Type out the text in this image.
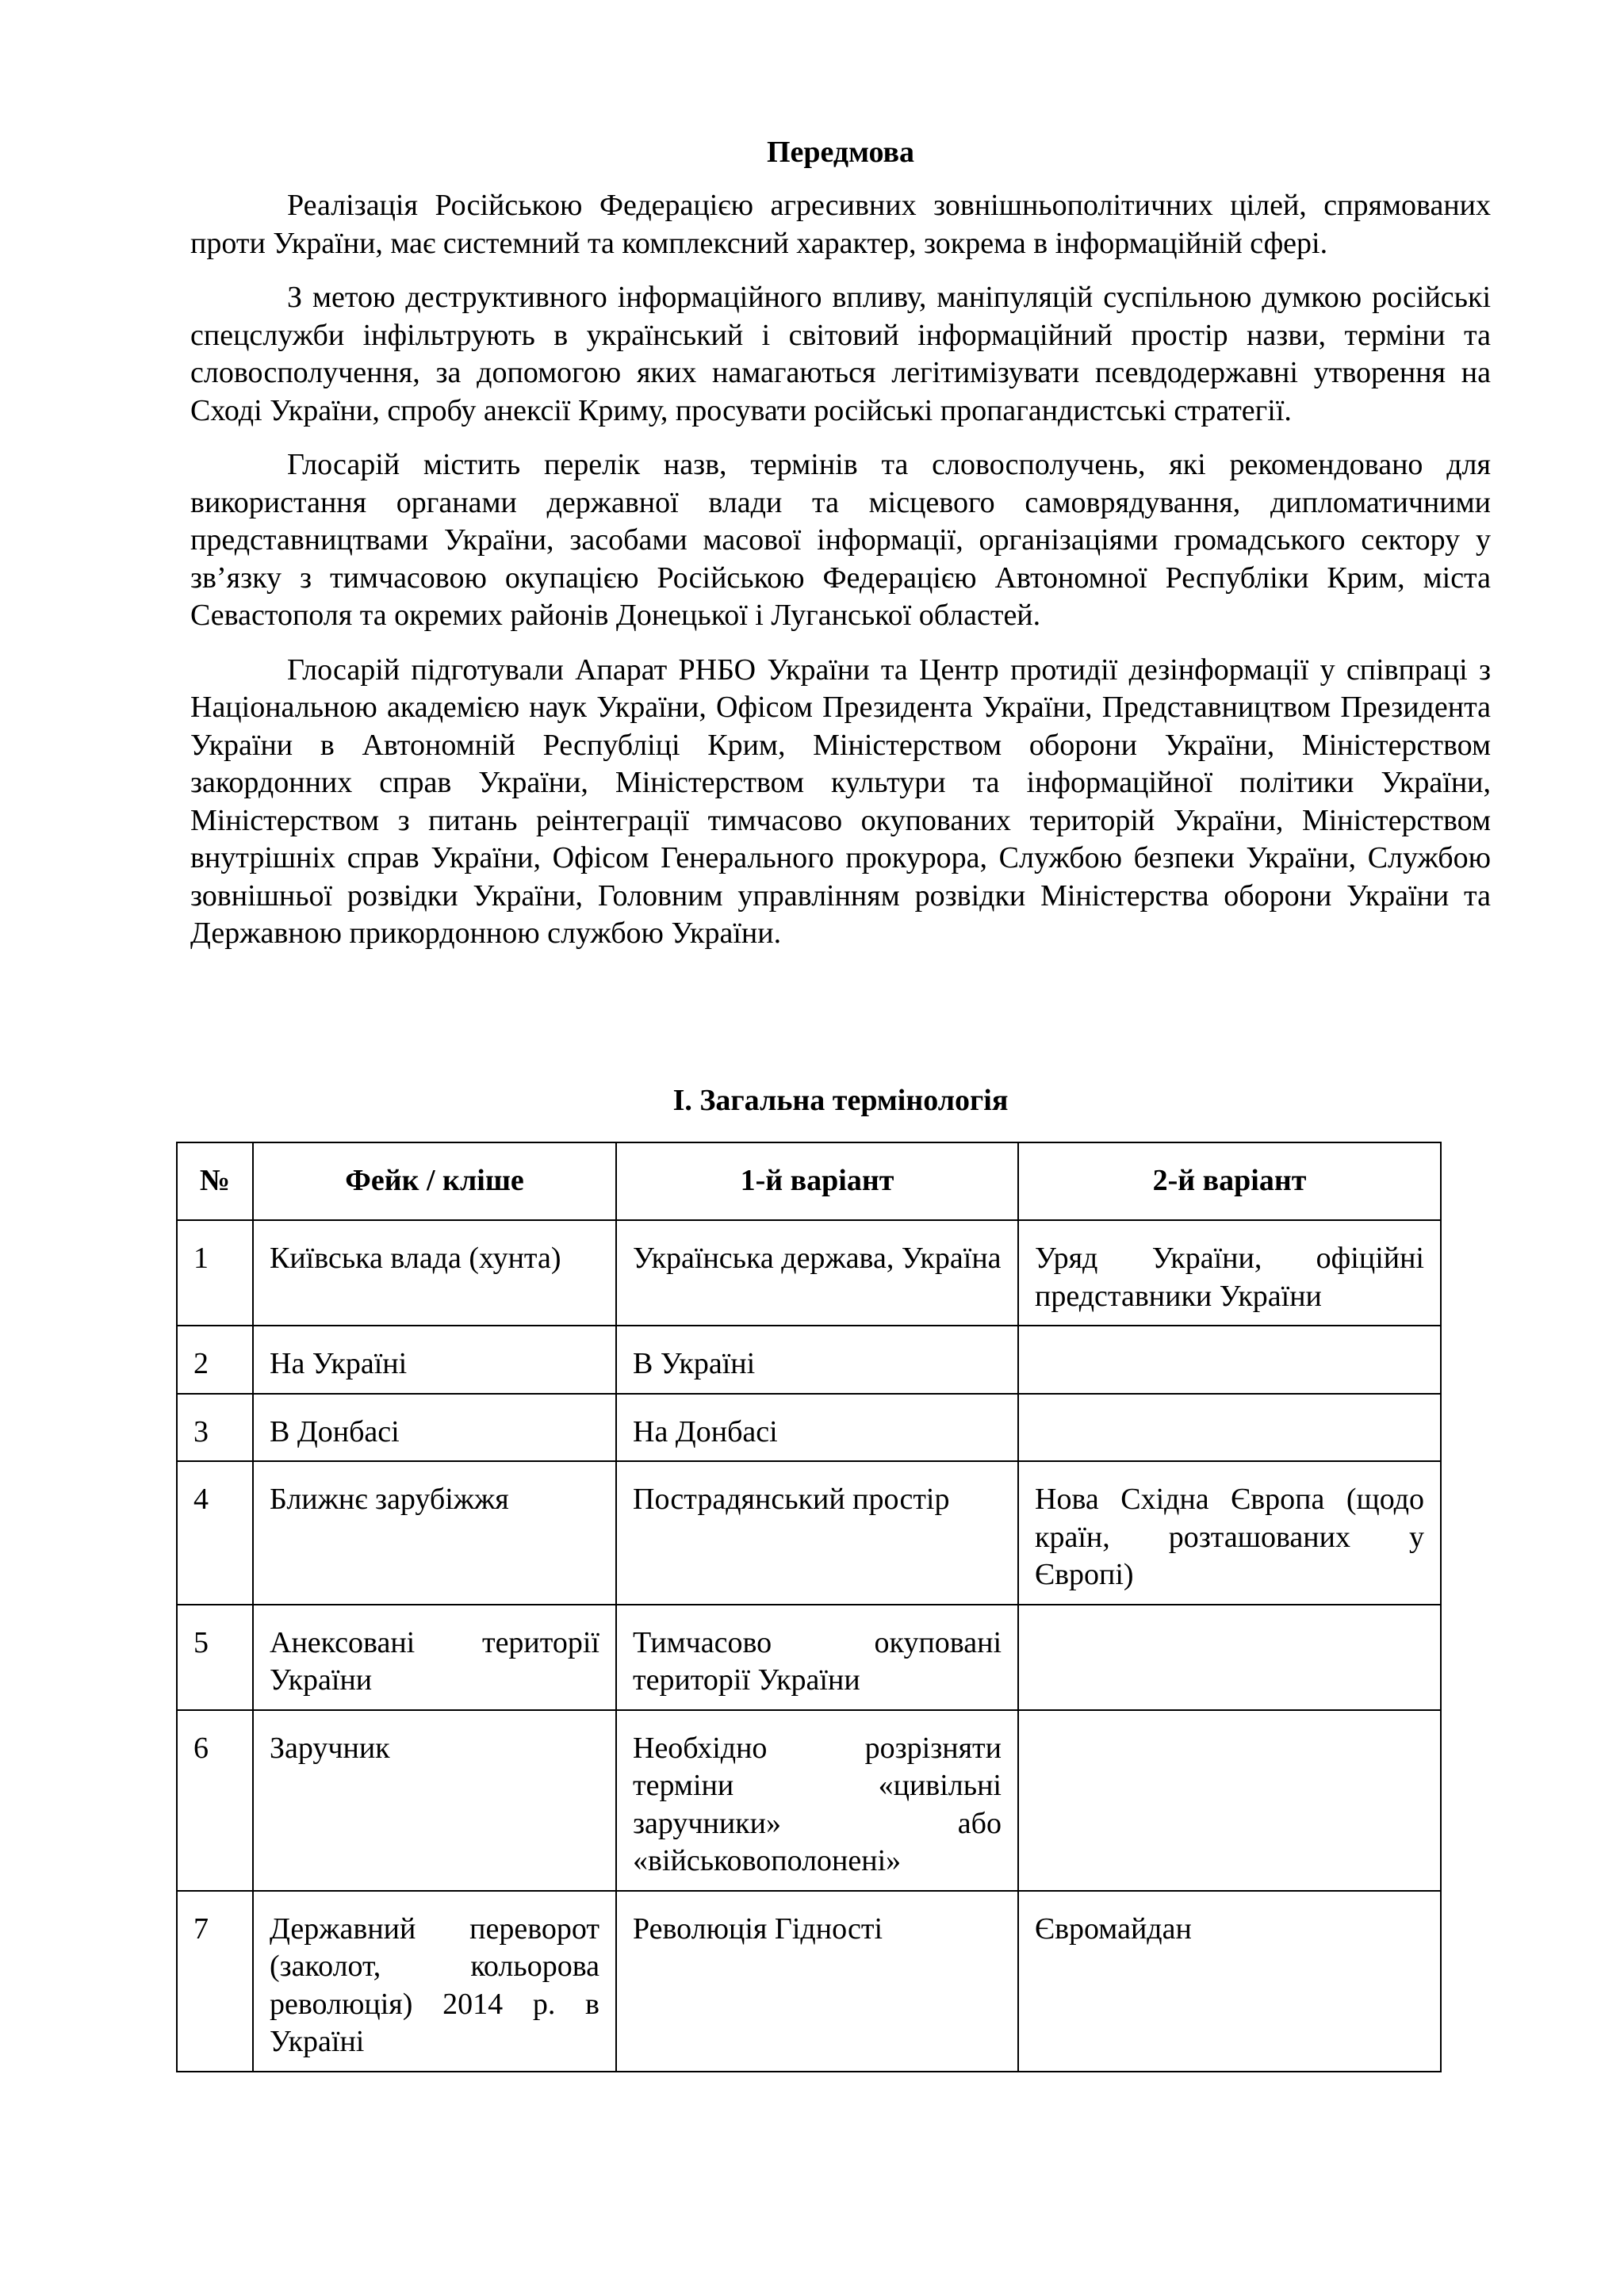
Передмова

Реалізація Російською Федерацією агресивних зовнішньополітичних цілей, спрямованих проти України, має системний та комплексний характер, зокрема в інформаційній сфері.

З метою деструктивного інформаційного впливу, маніпуляцій суспільною думкою російські спецслужби інфільтрують в український і світовий інформаційний простір назви, терміни та словосполучення, за допомогою яких намагаються легітимізувати псевдодержавні утворення на Сході України, спробу анексії Криму, просувати російські пропагандистські стратегії.

Глосарій містить перелік назв, термінів та словосполучень, які рекомендовано для використання органами державної влади та місцевого самоврядування, дипломатичними представництвами України, засобами масової інформації, організаціями громадського сектору у зв’язку з тимчасовою окупацією Російською Федерацією Автономної Республіки Крим, міста Севастополя та окремих районів Донецької і Луганської областей.

Глосарій підготували Апарат РНБО України та Центр протидії дезінформації у співпраці з Національною академією наук України, Офісом Президента України, Представництвом Президента України в Автономній Республіці Крим, Міністерством оборони України, Міністерством закордонних справ України, Міністерством культури та інформаційної політики України, Міністерством з питань реінтеграції тимчасово окупованих територій України, Міністерством внутрішніх справ України, Офісом Генерального прокурора, Службою безпеки України, Службою зовнішньої розвідки України, Головним управлінням розвідки Міністерства оборони України та Державною прикордонною службою України.

І. Загальна термінологія
№	Фейк / кліше	1-й варіант	2-й варіант
1	Київська влада (хунта)	Українська держава, Україна	Уряд України, офіційні представники України
2	На Україні	В Україні	
3	В Донбасі	На Донбасі	
4	Ближнє зарубіжжя	Пострадянський простір	Нова Східна Європа (щодо країн, розташованих у Європі)
5	Анексовані території України	Тимчасово окуповані території України	
6	Заручник	Необхідно розрізняти терміни «цивільні заручники» або «військовополонені»	
7	Державний переворот (заколот, кольорова революція) 2014 р. в Україні	Революція Гідності	Євромайдан
